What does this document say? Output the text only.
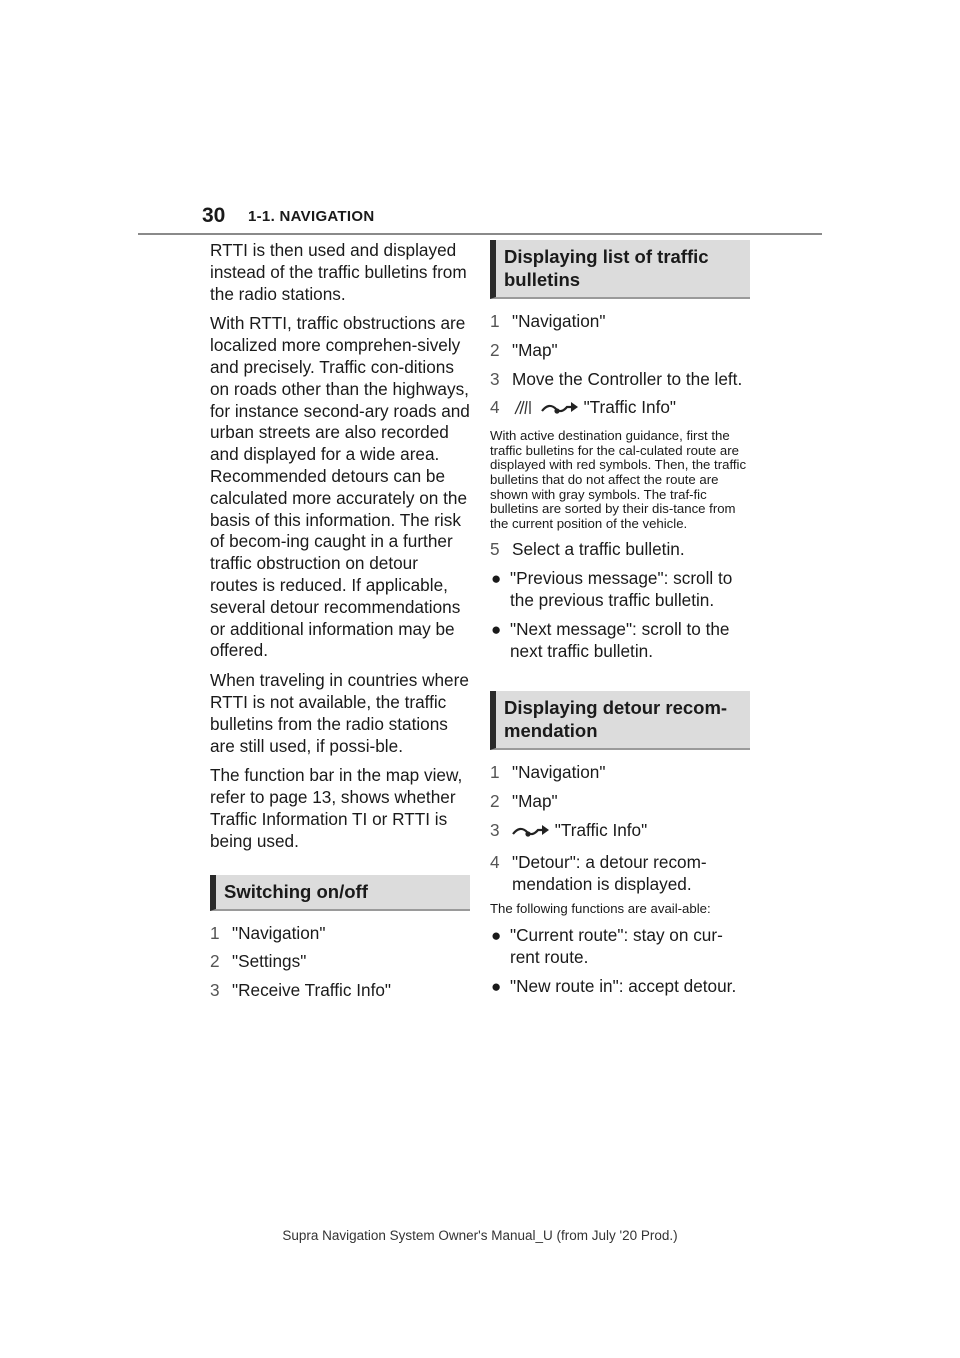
30 1-1. NAVIGATION

RTTI is then used and displayed instead of the traffic bulletins from the radio stations.

With RTTI, traffic obstructions are localized more comprehen-sively and precisely. Traffic con-ditions on roads other than the highways, for instance second-ary roads and urban streets are also recorded and displayed for a wide area. Recommended detours can be calculated more accurately on the basis of this information. The risk of becom-ing caught in a further traffic obstruction on detour routes is reduced. If applicable, several detour recommendations or additional information may be offered.

When traveling in countries where RTTI is not available, the traffic bulletins from the radio stations are still used, if possi-ble.

The function bar in the map view, refer to page 13, shows whether Traffic Information TI or RTTI is being used.

Switching on/off
1 "Navigation"
2 "Settings"
3 "Receive Traffic Info"
Displaying list of traffic bulletins
1 "Navigation"
2 "Map"
3 Move the Controller to the left.
4	"Traffic Info"

With active destination guidance, first the traffic bulletins for the cal-culated route are displayed with red symbols. Then, the traffic bulletins that do not affect the route are shown with gray symbols. The traf-fic bulletins are sorted by their dis-tance from the current position of the vehicle.

5 Select a traffic bulletin.
● "Previous message": scroll to the previous traffic bulletin.
● "Next message": scroll to the next traffic bulletin.
Displaying detour recom-mendation
1 "Navigation"
2 "Map"
3	"Traffic Info"
4 "Detour": a detour recom-mendation is displayed.

The following functions are avail-able:

● "Current route": stay on cur-rent route.
● "New route in": accept detour.
Supra Navigation System Owner's Manual_U (from July '20 Prod.)
